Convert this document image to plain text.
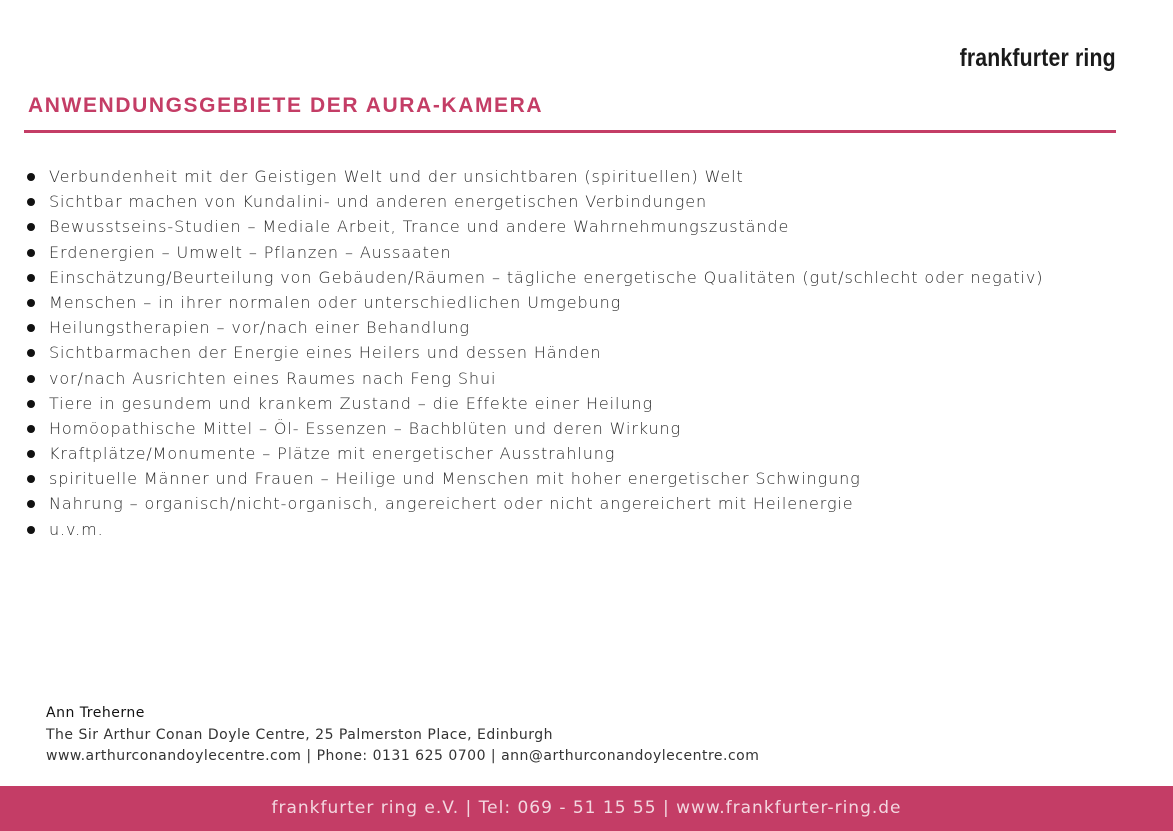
frankfurter ring
ANWENDUNGSGEBIETE DER AURA-KAMERA
Verbundenheit mit der Geistigen Welt und der unsichtbaren (spirituellen) Welt
Sichtbar machen von Kundalini- und anderen energetischen Verbindungen
Bewusstseins-Studien – Mediale Arbeit, Trance und andere Wahrnehmungszustände
Erdenergien – Umwelt – Pflanzen – Aussaaten
Einschätzung/Beurteilung von Gebäuden/Räumen – tägliche energetische Qualitäten (gut/schlecht oder negativ)
Menschen – in ihrer normalen oder unterschiedlichen Umgebung
Heilungstherapien – vor/nach einer Behandlung
Sichtbarmachen der Energie eines Heilers und dessen Händen
vor/nach Ausrichten eines Raumes nach Feng Shui
Tiere in gesundem und krankem Zustand – die Effekte einer Heilung
Homöopathische Mittel – Öl- Essenzen – Bachblüten und deren Wirkung
Kraftplätze/Monumente – Plätze mit energetischer Ausstrahlung
spirituelle Männer und Frauen – Heilige und Menschen mit hoher energetischer Schwingung
Nahrung – organisch/nicht-organisch, angereichert oder nicht angereichert mit Heilenergie
u.v.m.
Ann Treherne
The Sir Arthur Conan Doyle Centre, 25 Palmerston Place, Edinburgh
www.arthurconandoylecentre.com | Phone: 0131 625 0700 | ann@arthurconandoylecentre.com
frankfurter ring e.V. | Tel: 069 - 51 15 55 | www.frankfurter-ring.de
